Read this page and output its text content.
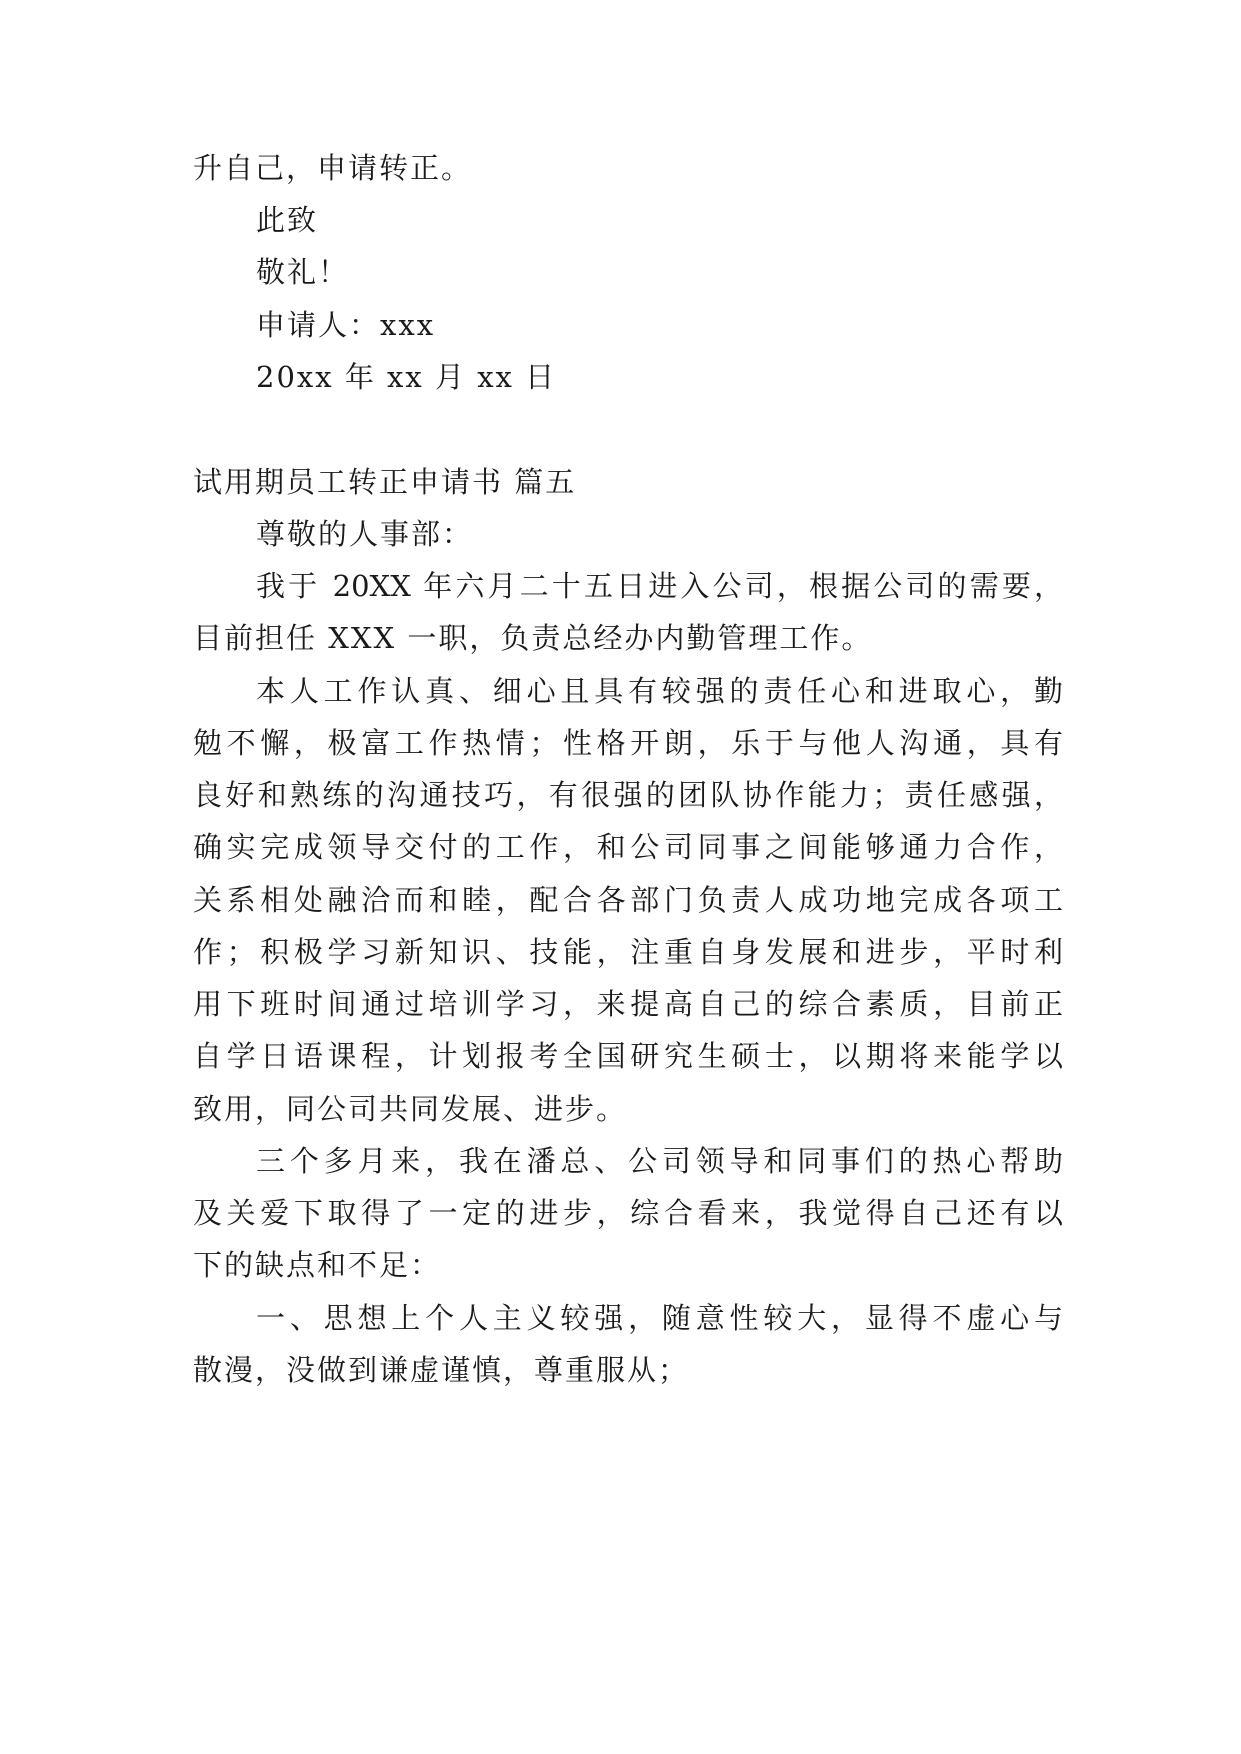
升自己，申请转正。
此致
敬礼！
申请人：xxx
20xx 年 xx 月 xx 日
试用期员工转正申请书 篇五
尊敬的人事部：
我于 20XX 年六月二十五日进入公司，根据公司的需要，
目前担任 XXX 一职，负责总经办内勤管理工作。
本人工作认真、细心且具有较强的责任心和进取心，勤
勉不懈，极富工作热情；性格开朗，乐于与他人沟通，具有
良好和熟练的沟通技巧，有很强的团队协作能力；责任感强，
确实完成领导交付的工作，和公司同事之间能够通力合作，
关系相处融洽而和睦，配合各部门负责人成功地完成各项工
作；积极学习新知识、技能，注重自身发展和进步，平时利
用下班时间通过培训学习，来提高自己的综合素质，目前正
自学日语课程，计划报考全国研究生硕士，以期将来能学以
致用，同公司共同发展、进步。
三个多月来，我在潘总、公司领导和同事们的热心帮助
及关爱下取得了一定的进步，综合看来，我觉得自己还有以
下的缺点和不足：
一、思想上个人主义较强，随意性较大，显得不虚心与
散漫，没做到谦虚谨慎，尊重服从；
